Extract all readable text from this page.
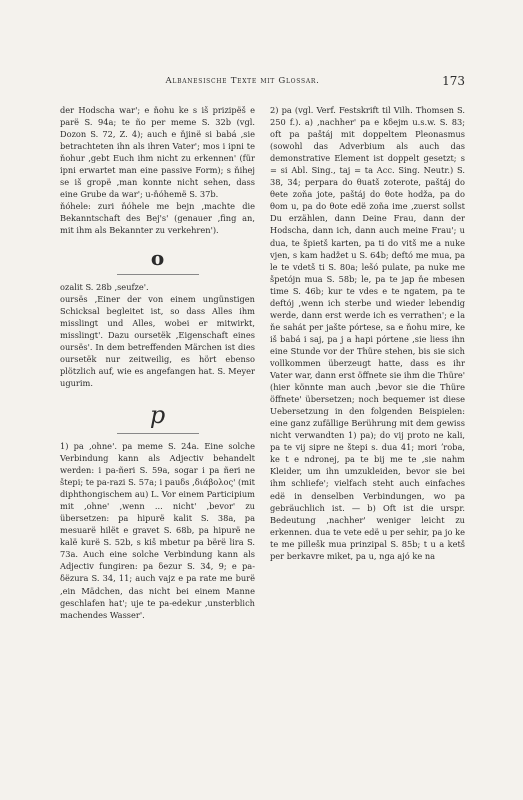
Albanesische Texte mit Glossar.	173

der Hodscha war'; e ňohu ke s iš prizipëš e parë S. 94a; te ño per meme S. 32b (vgl. Dozon S. 72, Z. 4); auch e ňjinë si babá ‚sie betrachteten ihn als ihren Vater'; mos i ipni te ňohur ‚gebt Euch ihm nicht zu erkennen' (für ipni erwartet man eine passive Form); s ňihej se iš gropë ‚man konnte nicht sehen, dass eine Grube da war'; u-ňóhemë S. 37b.

ňóhele: zuri ňóhele me bejn ‚machte die Bekanntschaft des Bej's' (genauer ‚fing an, mit ihm als Bekannter zu verkehren').

o

ozalit S. 28b ‚seufze'.

oursës ‚Einer der von einem ungünstigen Schicksal begleitet ist, so dass Alles ihm misslingt und Alles, wobei er mitwirkt, misslingt'. Dazu oursetëk ‚Eigenschaft eines oursës'. In dem betreffenden Märchen ist dies oursetëk nur zeitweilig, es hört ebenso plötzlich auf, wie es angefangen hat. S. Meyer ugurim.

p

1) pa ‚ohne'. pa meme S. 24a. Eine solche Verbindung kann als Adjectiv behandelt werden: i pa-ñeri S. 59a, sogar i pa ñeri ne štepi; te pa-razi S. 57a; i pauδs ‚διάβολος' (mit diphthongischem au) L. Vor einem Participium mit ‚ohne' ‚wenn ... nicht' ‚bevor' zu übersetzen: pa hipurë kalit S. 38a, pa mesuarë hilët e gravet S. 68b, pa hipurë ne kalë kurë S. 52b, s kiš mbetur pa bërë lira S. 73a. Auch eine solche Verbindung kann als Adjectiv fungiren: pa δezur S. 34, 9; e pa-δëzura S. 34, 11; auch vajz e pa rate me burë ‚ein Mädchen, das nicht bei einem Manne geschlafen hat'; uje te pa-edekur ‚unsterblich machendes Wasser'.

2) pa (vgl. Verf. Festskrift til Vilh. Thomsen S. 250 f.). a) ‚nachher' pa e kδejm u.s.w. S. 83; oft pa paštáj mit doppeltem Pleonasmus (sowohl das Adverbium als auch das demonstrative Element ist doppelt gesetzt; s = si Abl. Sing., taj = ta Acc. Sing. Neutr.) S. 38, 34; perpara do θuatš zoterote, paštáj do θete zoňa jote, paštáj do θote hodža, pa do θom u, pa do θote edë zoňa ime ‚zuerst sollst Du erzählen, dann Deine Frau, dann der Hodscha, dann ich, dann auch meine Frau'; u dua, te špietš karten, pa ti do vitš me a nuke vjen, s kam hadžet u S. 64b; deftó me mua, pa le te vdetš ti S. 80a; lešó pulate, pa nuke me špetójn mua S. 58b; le, pa te jap ňe mbesen time S. 46b; kur te vdes e te ngatem, pa te deftój ‚wenn ich sterbe und wieder lebendig werde, dann erst werde ich es verrathen'; e la ňe sahát per jašte pórtese, sa e ňohu mire, ke iš babá i saj, pa j a hapi pórtene ‚sie liess ihn eine Stunde vor der Thüre stehen, bis sie sich vollkommen überzeugt hatte, dass es ihr Vater war, dann erst öffnete sie ihm die Thüre' (hier könnte man auch ‚bevor sie die Thüre öffnete' übersetzen; noch bequemer ist diese Uebersetzung in den folgenden Beispielen: eine ganz zufällige Berührung mit dem gewiss nicht verwandten 1) pa); do vij proto ne kali, pa te vij sipre ne štepi s. dua 41; mori ʼroba, ke t e ndronej, pa te bij me te ‚sie nahm Kleider, um ihn umzukleiden, bevor sie bei ihm schliefe'; vielfach steht auch einfaches edë in denselben Verbindungen, wo pa gebräuchlich ist. — b) Oft ist die urspr. Bedeutung ‚nachher' weniger leicht zu erkennen. dua te vete edë u per sehir, pa jo ke te me pillešk mua prinzipal S. 85b; t u a ketš per berkavre miket, pa u, nga ajó ke na
